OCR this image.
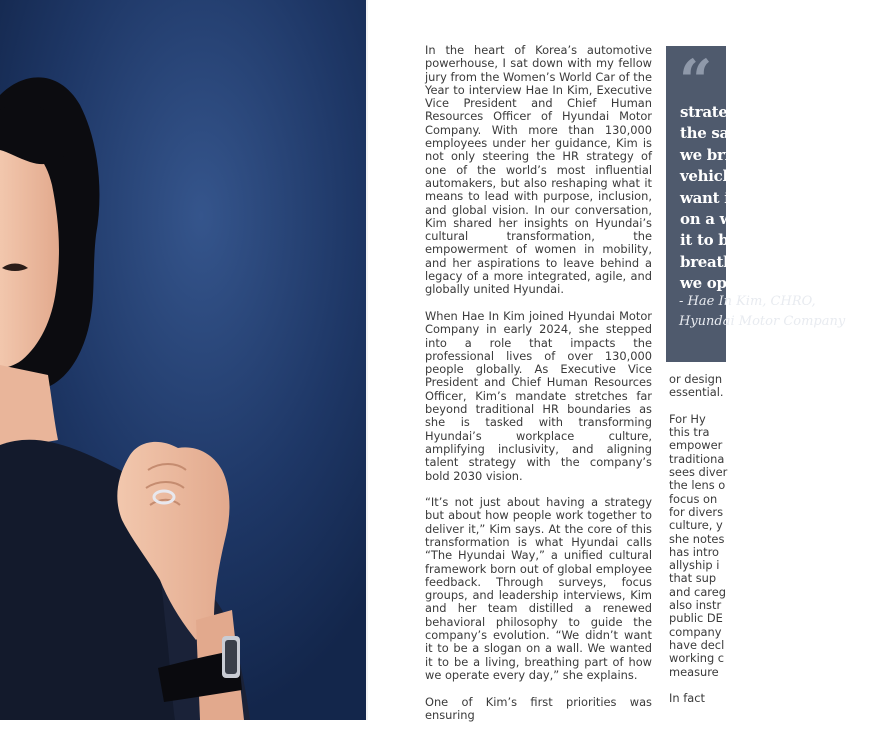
In the heart of Korea’s automotive powerhouse, I sat down with my fellow jury from the Women’s World Car of the Year to interview Hae In Kim, Executive Vice President and Chief Human Resources Officer of Hyundai Motor Company. With more than 130,000 employees under her guidance, Kim is not only steering the HR strategy of one of the world’s most influential automakers, but also reshaping what it means to lead with purpose, inclusion, and global vision. In our conversation, Kim shared her insights on Hyundai’s cultural transformation, the empowerment of women in mobility, and her aspirations to leave behind a legacy of a more integrated, agile, and globally united Hyundai.

When Hae In Kim joined Hyundai Motor Company in early 2024, she stepped into a role that impacts the professional lives of over 130,000 people globally. As Executive Vice President and Chief Human Resources Officer, Kim’s mandate stretches far beyond traditional HR boundaries as she is tasked with transforming Hyundai’s workplace culture, amplifying inclusivity, and aligning talent strategy with the company’s bold 2030 vision.

“It’s not just about having a strategy but about how people work together to deliver it,” Kim says. At the core of this transformation is what Hyundai calls “The Hyundai Way,” a unified cultural framework born out of global employee feedback. Through surveys, focus groups, and leadership interviews, Kim and her team distilled a renewed behavioral philosophy to guide the company’s evolution. “We didn’t want it to be a slogan on a wall. We wanted it to be a living, breathing part of how we operate every day,” she explains.

One of Kim’s first priorities was ensuring

“
strategy is executed
the same way,
we bring the best
vehicles. We didn’t
want it to be a slogan
on a wall. We wanted
it to be a living,
breathing part of how
we operate every day.
- Hae In Kim, CHRO,
Hyundai Motor Company
or design
essential.
For Hy
this tra
empower
traditiona
sees diver
the lens o
focus on
for divers
culture, y
she notes
has intro
allyship i
that sup
and careg
also instr
public DE
company
have decl
working c
measure
In fact
